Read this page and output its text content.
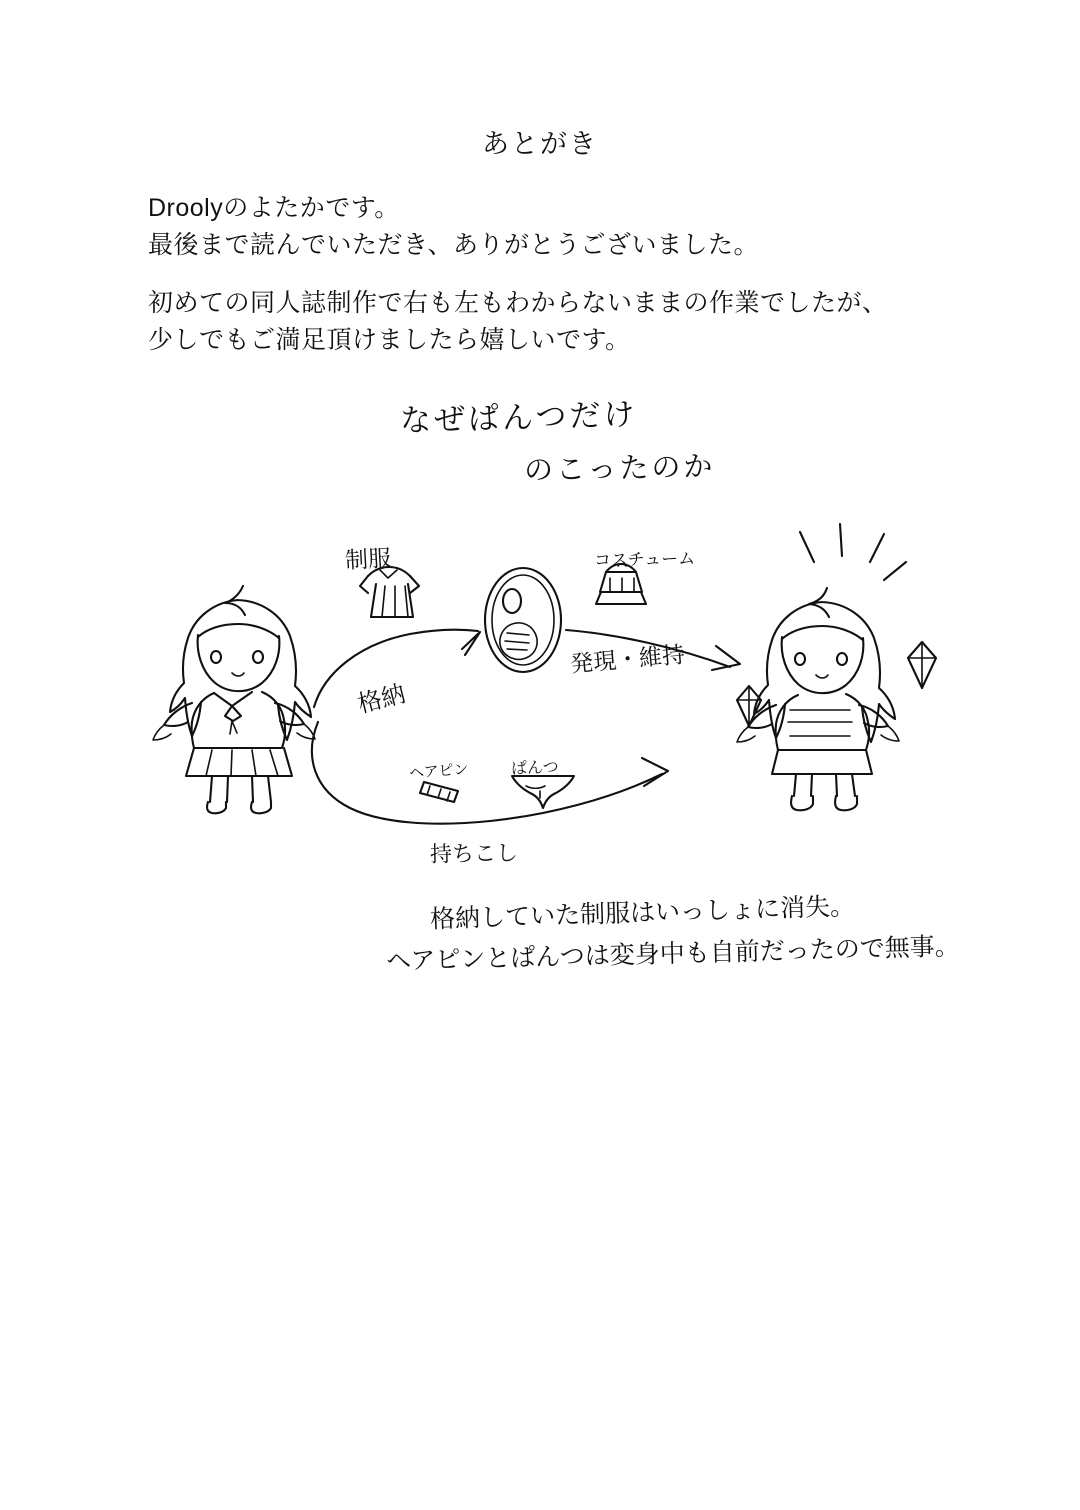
あとがき
Droolyのよたかです。
最後まで読んでいただき、ありがとうございました。
初めての同人誌制作で右も左もわからないままの作業でしたが、
少しでもご満足頂けましたら嬉しいです。
なぜぱんつだけ
のこったのか
制服	コスチューム
格納
発現・維持
ヘアピン	ぱんつ
持ちこし
格納していた制服はいっしょに消失。
ヘアピンとぱんつは変身中も自前だったので無事。
